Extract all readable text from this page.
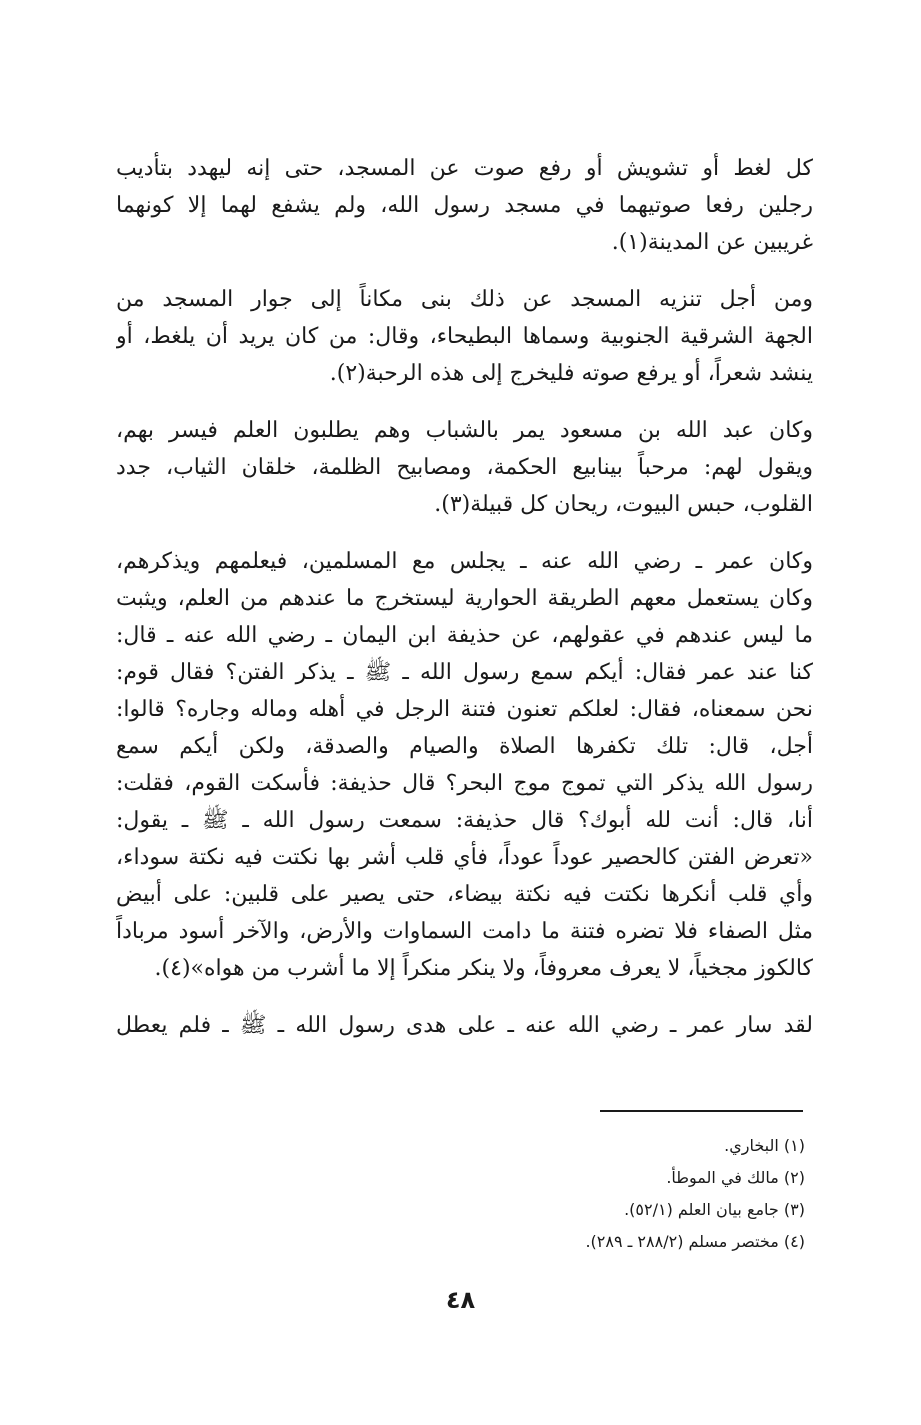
كل لغط أو تشويش أو رفع صوت عن المسجد، حتى إنه ليهدد بتأديب
رجلين رفعا صوتيهما في مسجد رسول الله، ولم يشفع لهما إلا كونهما
غريبين عن المدينة(١).
ومن أجل تنزيه المسجد عن ذلك بنى مكاناً إلى جوار المسجد من
الجهة الشرقية الجنوبية وسماها البطيحاء، وقال: من كان يريد أن يلغط، أو
ينشد شعراً، أو يرفع صوته فليخرج إلى هذه الرحبة(٢).
وكان عبد الله بن مسعود يمر بالشباب وهم يطلبون العلم فيسر بهم،
ويقول لهم: مرحباً بينابيع الحكمة، ومصابيح الظلمة، خلقان الثياب، جدد
القلوب، حبس البيوت، ريحان كل قبيلة(٣).
وكان عمر ـ رضي الله عنه ـ يجلس مع المسلمين، فيعلمهم ويذكرهم،
وكان يستعمل معهم الطريقة الحوارية ليستخرج ما عندهم من العلم، ويثبت
ما ليس عندهم في عقولهم، عن حذيفة ابن اليمان ـ رضي الله عنه ـ قال:
كنا عند عمر فقال: أيكم سمع رسول الله ـ ﷺ ـ يذكر الفتن؟ فقال قوم:
نحن سمعناه، فقال: لعلكم تعنون فتنة الرجل في أهله وماله وجاره؟ قالوا:
أجل، قال: تلك تكفرها الصلاة والصيام والصدقة، ولكن أيكم سمع
رسول الله يذكر التي تموج موج البحر؟ قال حذيفة: فأسكت القوم، فقلت:
أنا، قال: أنت لله أبوك؟ قال حذيفة: سمعت رسول الله ـ ﷺ ـ يقول:
«تعرض الفتن كالحصير عوداً عوداً، فأي قلب أشر بها نكتت فيه نكتة سوداء،
وأي قلب أنكرها نكتت فيه نكتة بيضاء، حتى يصير على قلبين: على أبيض
مثل الصفاء فلا تضره فتنة ما دامت السماوات والأرض، والآخر أسود مرباداً
كالكوز مجخياً، لا يعرف معروفاً، ولا ينكر منكراً إلا ما أشرب من هواه»(٤).
لقد سار عمر ـ رضي الله عنه ـ على هدى رسول الله ـ ﷺ ـ فلم يعطل
(١) البخاري.
(٢) مالك في الموطأ.
(٣) جامع بيان العلم (٥٢/١).
(٤) مختصر مسلم (٢٨٨/٢ ـ ٢٨٩).
٤٨
